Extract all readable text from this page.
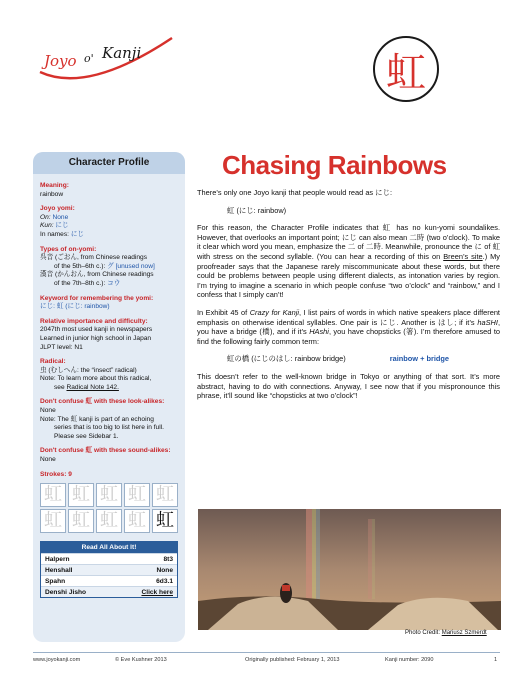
Joyo o' Kanji	虹
Character Profile
Meaning:
rainbow
Joyo yomi:
On: None
Kun: にじ
In names: にじ
Types of on-yomi:
呉音 (ごおん, from Chinese readings
of the 5th–6th c.): グ [unused now]
漢音 (かんおん, from Chinese readings
of the 7th–8th c.): コウ
Keyword for remembering the yomi:
にじ: 虹 (にじ: rainbow)
Relative importance and difficulty:
2047th most used kanji in newspapers
Learned in junior high school in Japan
JLPT level: N1
Radical:
虫 (むしへん: the “insect” radical)
Note: To learn more about this radical,
see Radical Note 142.
Don't confuse 虹 with these look-alikes:
None
Note: The 虹 kanji is part of an echoing
series that is too big to list here in full.
Please see Sidebar 1.
Don't confuse 虹 with these sound-alikes:
None
Strokes: 9
虹 虹 虹 虹 虹
虹 虹 虹 虹 虹
Read All About It!
Halpern	8t3
Henshall	None
Spahn	6d3.1
Denshi Jisho	Click here
Chasing Rainbows

There’s only one Joyo kanji that people would read as にじ:

虹 (にじ: rainbow)

For this reason, the Character Profile indicates that 虹 has no kun-yomi soundalikes. However, that overlooks an important point; にじ can also mean 二時 (two o’clock). To make it clear which word you mean, emphasize the 二 of 二時. Meanwhile, pronounce the に of 虹 with stress on the second syllable. (You can hear a recording of this on Breen’s site.) My proofreader says that the Japanese rarely miscommunicate about these words, but there could be problems between people using different dialects, as intonation varies by region. I’m trying to imagine a scenario in which people confuse “two o’clock” and “rainbow,” and I confess that I simply can’t!

In Exhibit 45 of Crazy for Kanji, I list pairs of words in which native speakers place different emphasis on otherwise identical syllables. One pair is にじ. Another is はし; if it’s haSHI, you have a bridge (橋), and if it’s HAshi, you have chopsticks (箸). I’m therefore amused to find the following fairly common term:

虹の橋 (にじのはし: rainbow bridge)	rainbow + bridge

This doesn’t refer to the well-known bridge in Tokyo or anything of that sort. It’s more abstract, having to do with connections. Anyway, I see now that if you mispronounce this phrase, it’ll sound like “chopsticks at two o’clock”!

Photo Credit: Mariusz Szmerdt
www.joyokanji.com	© Eve Kushner 2013	Originally published: February 1, 2013	Kanji number: 2090	1
